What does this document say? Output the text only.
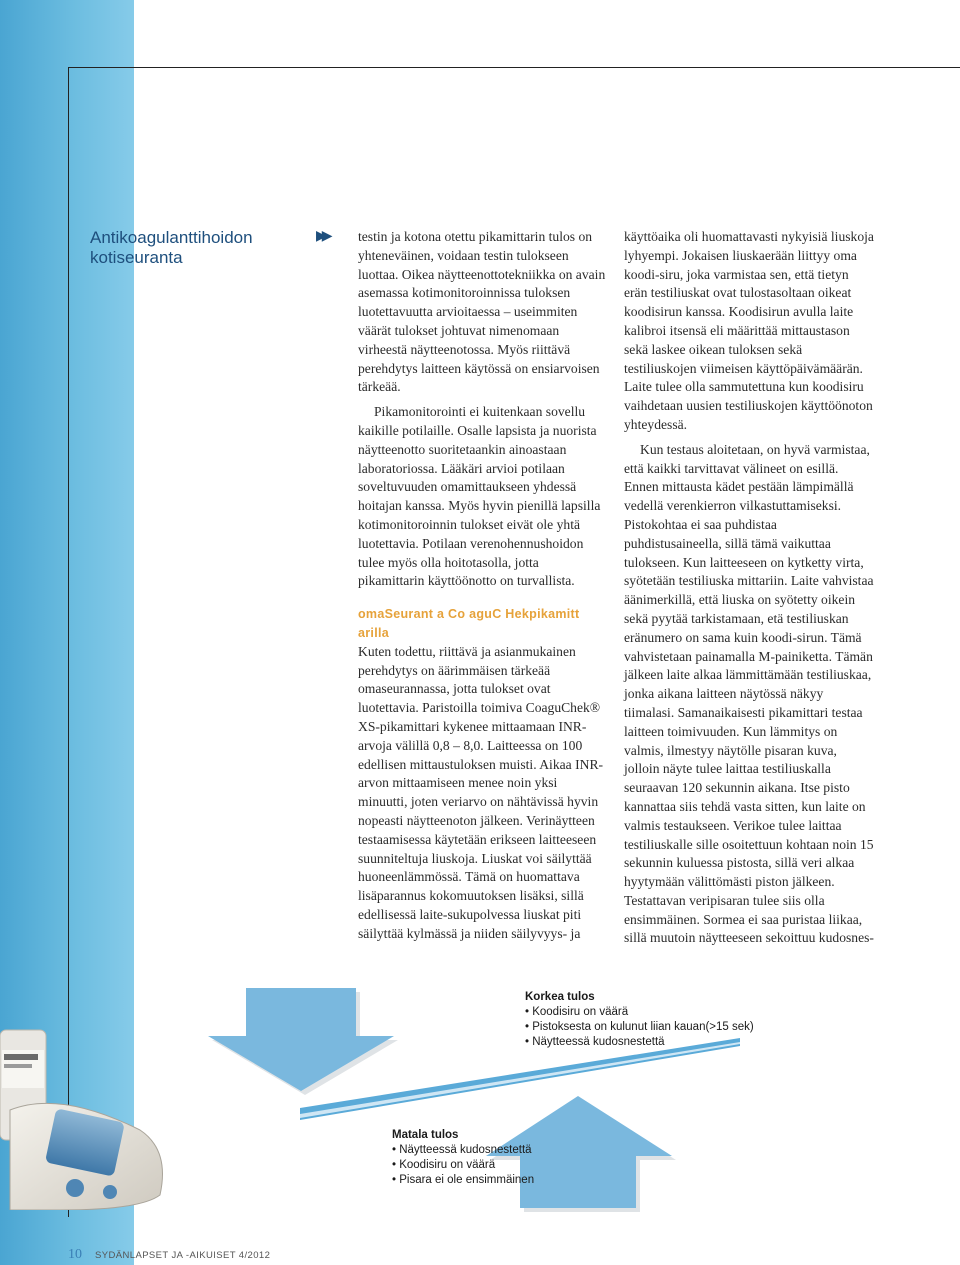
Antikoagulanttihoidon kotiseuranta
▶▶ testin ja kotona otettu pikamittarin tulos on yhteneväinen, voidaan testin tulokseen luottaa. Oikea näytteenottotekniikka on avain asemassa kotimonitoroinnissa tuloksen luotettavuutta arvioitaessa – useimmiten väärät tulokset johtuvat nimenomaan virheestä näytteenotossa. Myös riittävä perehdytys laitteen käytössä on ensiarvoisen tärkeää.

Pikamonitorointi ei kuitenkaan sovellu kaikille potilaille. Osalle lapsista ja nuorista näytteenotto suoritetaankin ainoastaan laboratoriossa. Lääkäri arvioi potilaan soveltuvuuden omamittaukseen yhdessä hoitajan kanssa. Myös hyvin pienillä lapsilla kotimonitoroinnin tulokset eivät ole yhtä luotettavia. Potilaan verenohennushoidon tulee myös olla hoitotasolla, jotta pikamittarin käyttöönotto on turvallista.

omaSeurant a Co aguC Hekpikamitt arilla

Kuten todettu, riittävä ja asianmukainen perehdytys on äärimmäisen tärkeää omaseurannassa, jotta tulokset ovat luotettavia. Paristoilla toimiva CoaguChek® XS-pikamittari kykenee mittaamaan INR-arvoja välillä 0,8 – 8,0. Laitteessa on 100 edellisen mittaustuloksen muisti. Aikaa INR-arvon mittaamiseen menee noin yksi minuutti, joten veriarvo on nähtävissä hyvin nopeasti näytteenoton jälkeen. Verinäytteen testaamisessa käytetään erikseen laitteeseen suunniteltuja liuskoja. Liuskat voi säilyttää huoneenlämmössä. Tämä on huomattava lisäparannus kokomuutoksen lisäksi, sillä edellisessä laite-sukupolvessa liuskat piti säilyttää kylmässä ja niiden säilyvyys- ja

käyttöaika oli huomattavasti nykyisiä liuskoja lyhyempi. Jokaisen liuskaerään liittyy oma koodi-siru, joka varmistaa sen, että tietyn erän testiliuskat ovat tulostasoltaan oikeat koodisirun kanssa. Koodisirun avulla laite kalibroi itsensä eli määrittää mittaustason sekä laskee oikean tuloksen sekä testiliuskojen viimeisen käyttöpäivämäärän. Laite tulee olla sammutettuna kun koodisiru vaihdetaan uusien testiliuskojen käyttöönoton yhteydessä.

Kun testaus aloitetaan, on hyvä varmistaa, että kaikki tarvittavat välineet on esillä. Ennen mittausta kädet pestään lämpimällä vedellä verenkierron vilkastuttamiseksi. Pistokohtaa ei saa puhdistaa puhdistusaineella, sillä tämä vaikuttaa tulokseen. Kun laitteeseen on kytketty virta, syötetään testiliuska mittariin. Laite vahvistaa äänimerkillä, että liuska on syötetty oikein sekä pyytää tarkistamaan, etä testiliuskan eränumero on sama kuin koodi-sirun. Tämä vahvistetaan painamalla M-painiketta. Tämän jälkeen laite alkaa lämmittämään testiliuskaa, jonka aikana laitteen näytössä näkyy tiimalasi. Samanaikaisesti pikamittari testaa laitteen toimivuuden. Kun lämmitys on valmis, ilmestyy näytölle pisaran kuva, jolloin näyte tulee laittaa testiliuskalla seuraavan 120 sekunnin aikana. Itse pisto kannattaa siis tehdä vasta sitten, kun laite on valmis testaukseen. Verikoe tulee laittaa testiliuskalle sille osoitettuun kohtaan noin 15 sekunnin kuluessa pistosta, sillä veri alkaa hyytymään välittömästi piston jälkeen. Testattavan veripisaran tulee siis olla ensimmäinen. Sormea ei saa puristaa liikaa, sillä muutoin näytteeseen sekoittuu kudosnes-

Korkea tulos
• Koodisiru on väärä
• Pistoksesta on kulunut liian kauan(>15 sek)
• Näytteessä kudosnestettä
Matala tulos
• Näytteessä kudosnestettä
• Koodisiru on väärä
• Pisara ei ole ensimmäinen
10 SYDÄNLAPSET JA -AIKUISET 4/2012
